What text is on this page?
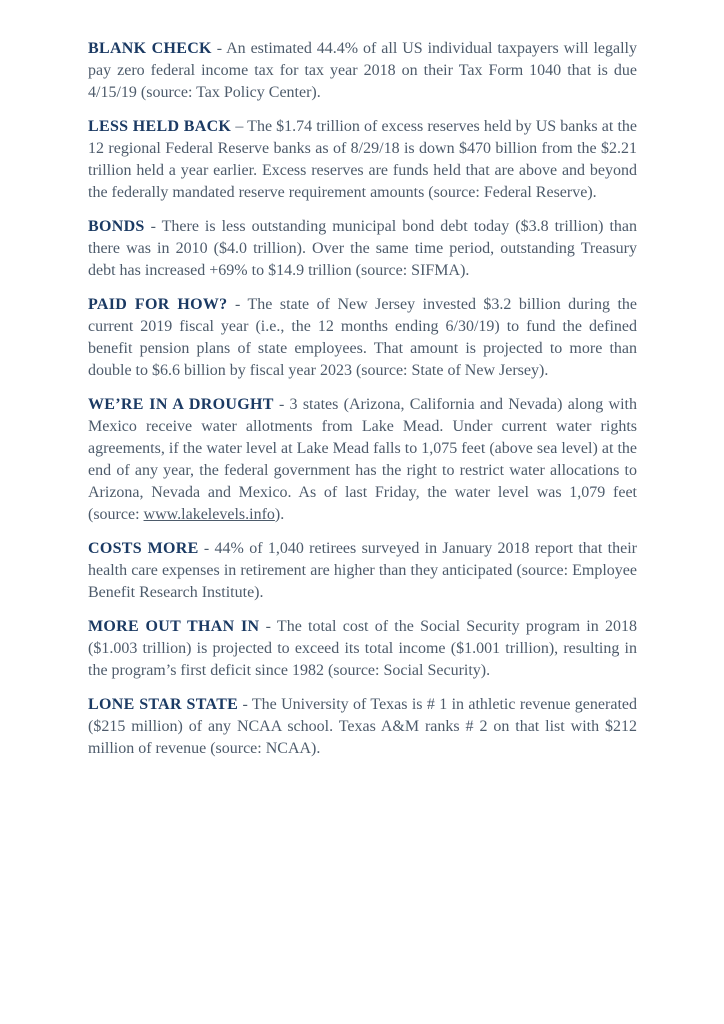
BLANK CHECK - An estimated 44.4% of all US individual taxpayers will legally pay zero federal income tax for tax year 2018 on their Tax Form 1040 that is due 4/15/19 (source: Tax Policy Center).

LESS HELD BACK – The $1.74 trillion of excess reserves held by US banks at the 12 regional Federal Reserve banks as of 8/29/18 is down $470 billion from the $2.21 trillion held a year earlier. Excess reserves are funds held that are above and beyond the federally mandated reserve requirement amounts (source: Federal Reserve).

BONDS - There is less outstanding municipal bond debt today ($3.8 trillion) than there was in 2010 ($4.0 trillion). Over the same time period, outstanding Treasury debt has increased +69% to $14.9 trillion (source: SIFMA).

PAID FOR HOW? - The state of New Jersey invested $3.2 billion during the current 2019 fiscal year (i.e., the 12 months ending 6/30/19) to fund the defined benefit pension plans of state employees. That amount is projected to more than double to $6.6 billion by fiscal year 2023 (source: State of New Jersey).

WE’RE IN A DROUGHT - 3 states (Arizona, California and Nevada) along with Mexico receive water allotments from Lake Mead. Under current water rights agreements, if the water level at Lake Mead falls to 1,075 feet (above sea level) at the end of any year, the federal government has the right to restrict water allocations to Arizona, Nevada and Mexico. As of last Friday, the water level was 1,079 feet (source: www.lakelevels.info).

COSTS MORE - 44% of 1,040 retirees surveyed in January 2018 report that their health care expenses in retirement are higher than they anticipated (source: Employee Benefit Research Institute).

MORE OUT THAN IN - The total cost of the Social Security program in 2018 ($1.003 trillion) is projected to exceed its total income ($1.001 trillion), resulting in the program’s first deficit since 1982 (source: Social Security).

LONE STAR STATE - The University of Texas is # 1 in athletic revenue generated ($215 million) of any NCAA school. Texas A&M ranks # 2 on that list with $212 million of revenue (source: NCAA).
